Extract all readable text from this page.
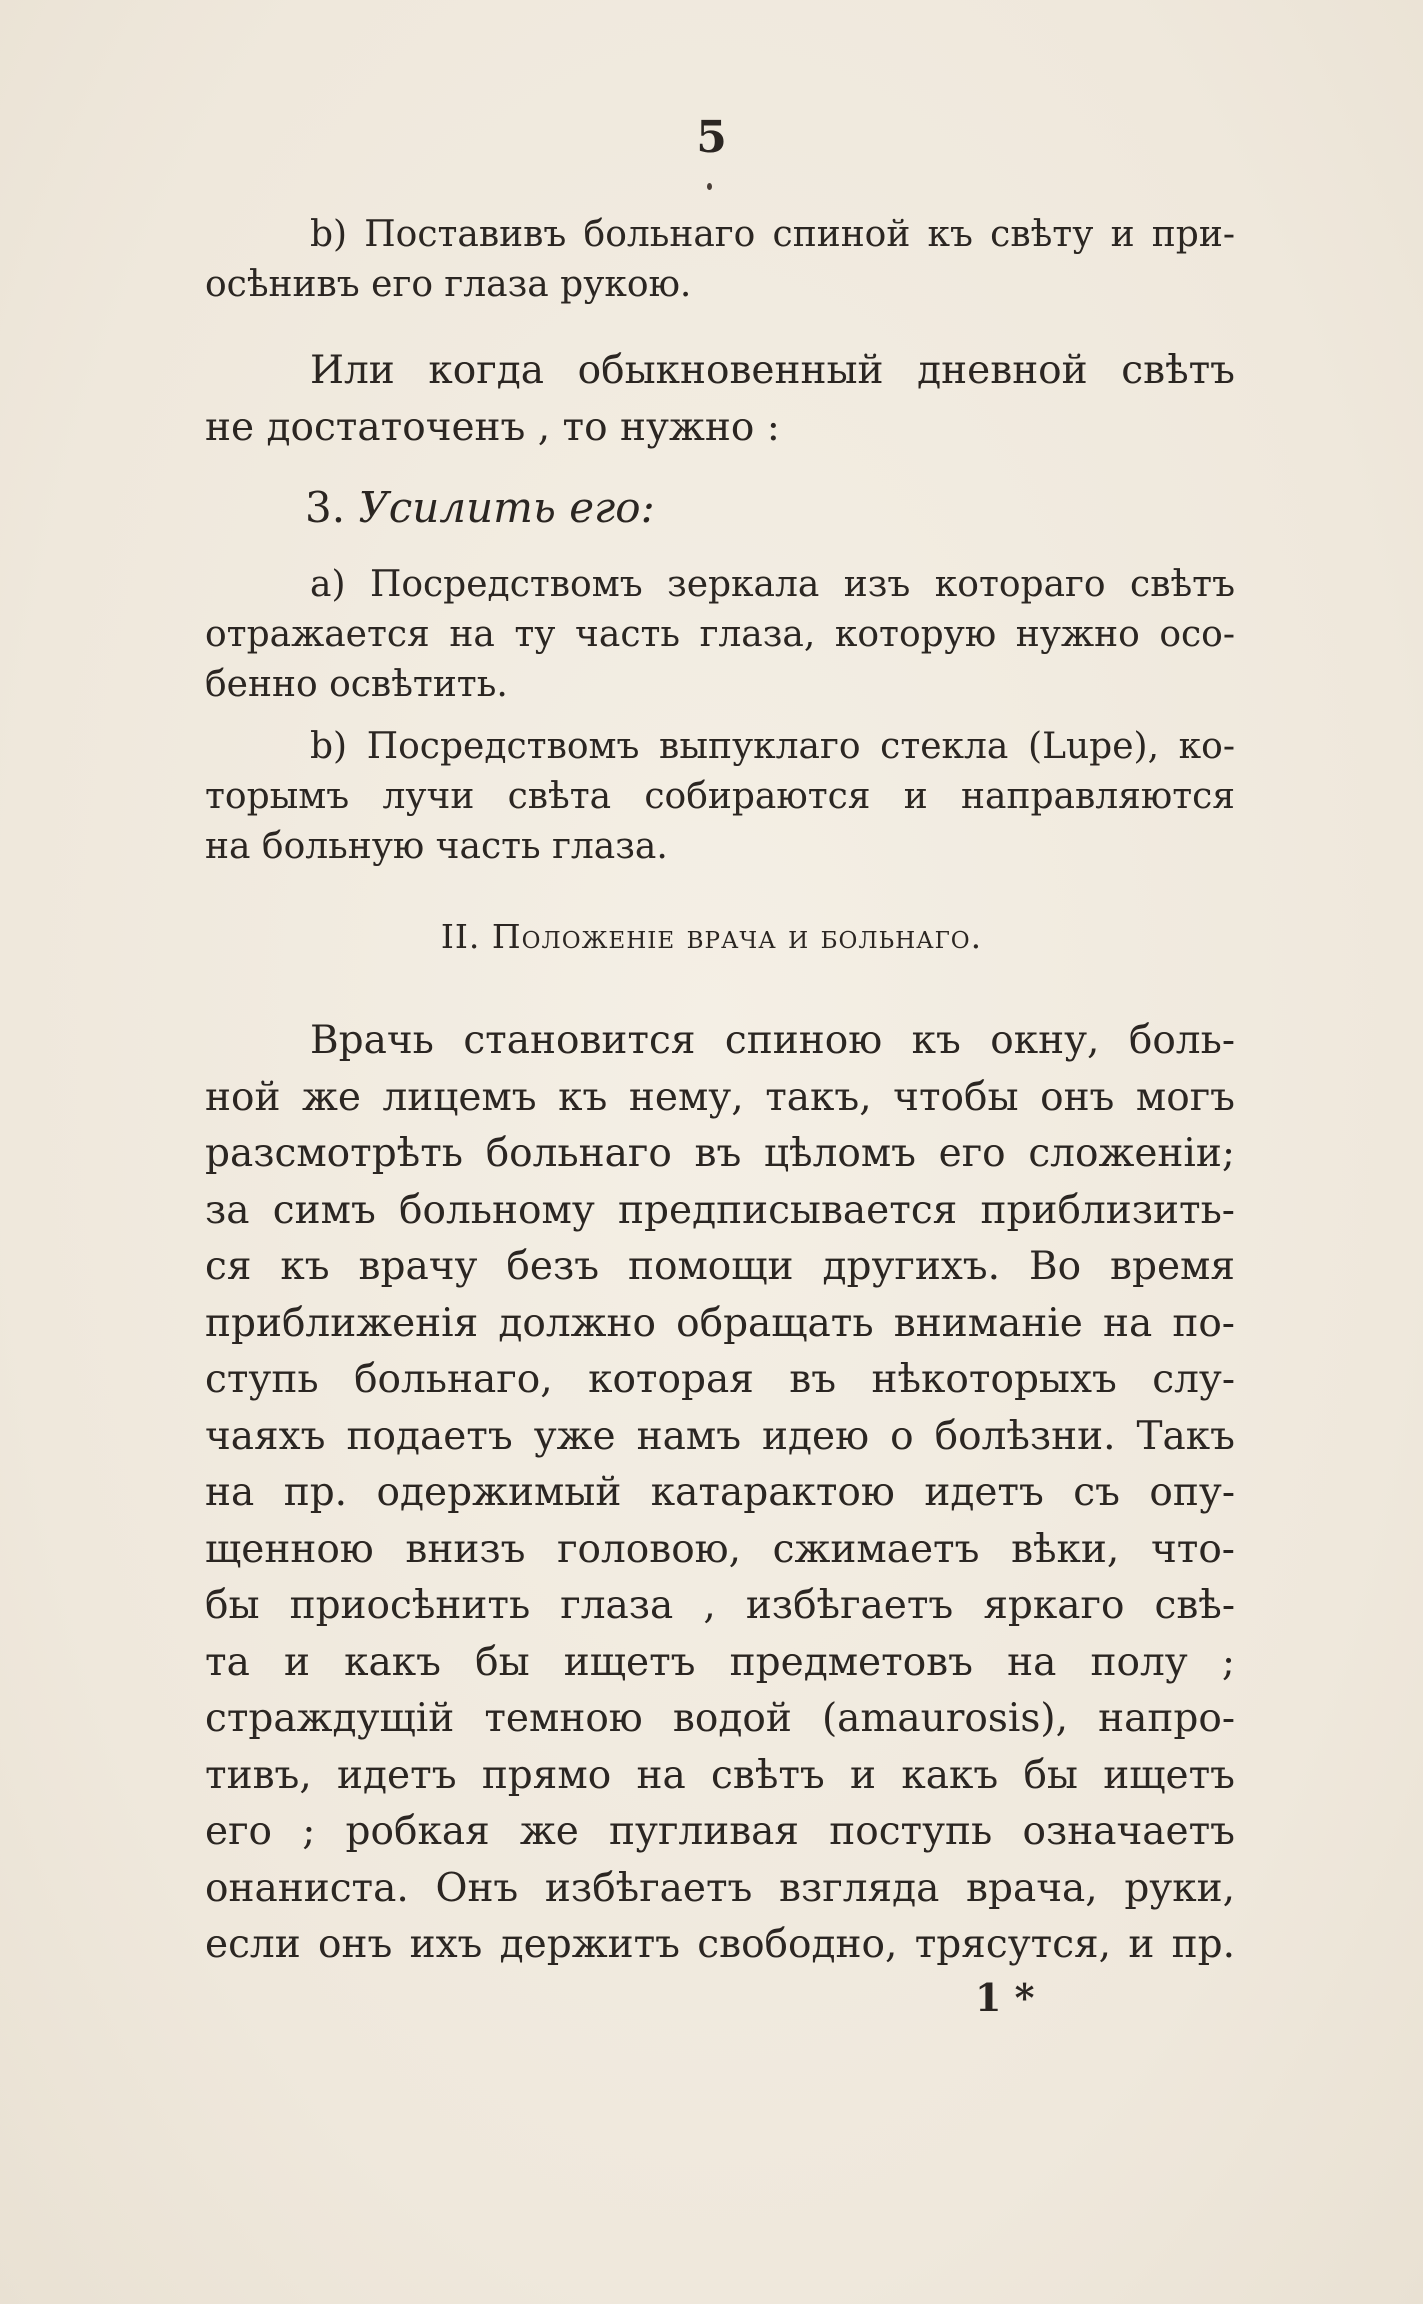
5
b) Поставивъ больнаго спиной къ свѣту и при-
осѣнивъ его глаза рукою.
Или когда обыкновенный дневной свѣтъ
не достаточенъ , то нужно :
3. Усилить его:
a) Посредствомъ зеркала изъ котораго свѣтъ
отражается на ту часть глаза, которую нужно осо-
бенно освѣтить.
b) Посредствомъ выпуклаго стекла (Lupe), ко-
торымъ лучи свѣта собираются и направляются
на больную часть глаза.
II. Положеніе врача и больнаго.
Врачь становится спиною къ окну, боль-
ной же лицемъ къ нему, такъ, чтобы онъ могъ
разсмотрѣть больнаго въ цѣломъ его сложеніи;
за симъ больному предписывается приблизить-
ся къ врачу безъ помощи другихъ. Во время
приближенія должно обращать вниманіе на по-
ступь больнаго, которая въ нѣкоторыхъ слу-
чаяхъ подаетъ уже намъ идею о болѣзни. Такъ
на пр. одержимый катарактою идетъ съ опу-
щенною внизъ головою, сжимаетъ вѣки, что-
бы приосѣнить глаза , избѣгаетъ яркаго свѣ-
та и какъ бы ищетъ предметовъ на полу ;
страждущій темною водой (amaurosis), напро-
тивъ, идетъ прямо на свѣтъ и какъ бы ищетъ
его ; робкая же пугливая поступь означаетъ
онаниста. Онъ избѣгаетъ взгляда врача, руки,
если онъ ихъ держитъ свободно, трясутся, и пр.
1 *
